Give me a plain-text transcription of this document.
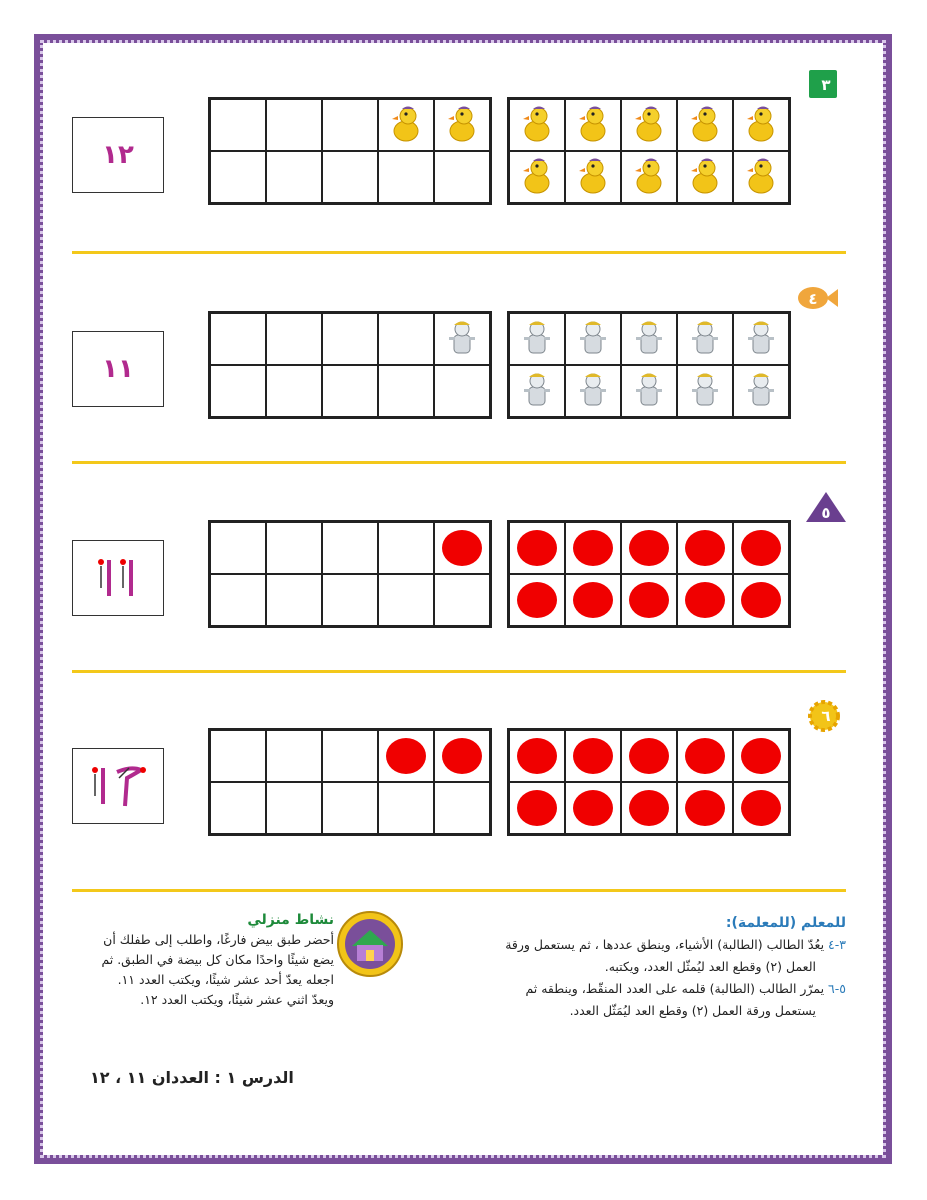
٣
١٢
٤
١١
٥
٦
للمعلم (للمعلمة):
٣-٤ يعُدّ الطالب (الطالبة) الأشياء، وينطق عددها ، ثم يستعمل ورقة
العمل (٢) وقطع العد ليُمثّل العدد، ويكتبه.
٥-٦ يمرّر الطالب (الطالبة) قلمه على العدد المنقّط، وينطقه ثم
يستعمل ورقة العمل (٢) وقطع العد ليُمَثّل العدد.
نشاط منزلي
أحضر طبق بيض فارغًا، واطلب إلى طفلك أن
يضع شيئًا واحدًا مكان كل بيضة في الطبق. ثم
اجعله يعدّ أحد عشر شيئًا، ويكتب العدد ١١.
ويعدّ اثني عشر شيئًا، ويكتب العدد ١٢.
الدرس ١ : العددان ١١ ، ١٢
